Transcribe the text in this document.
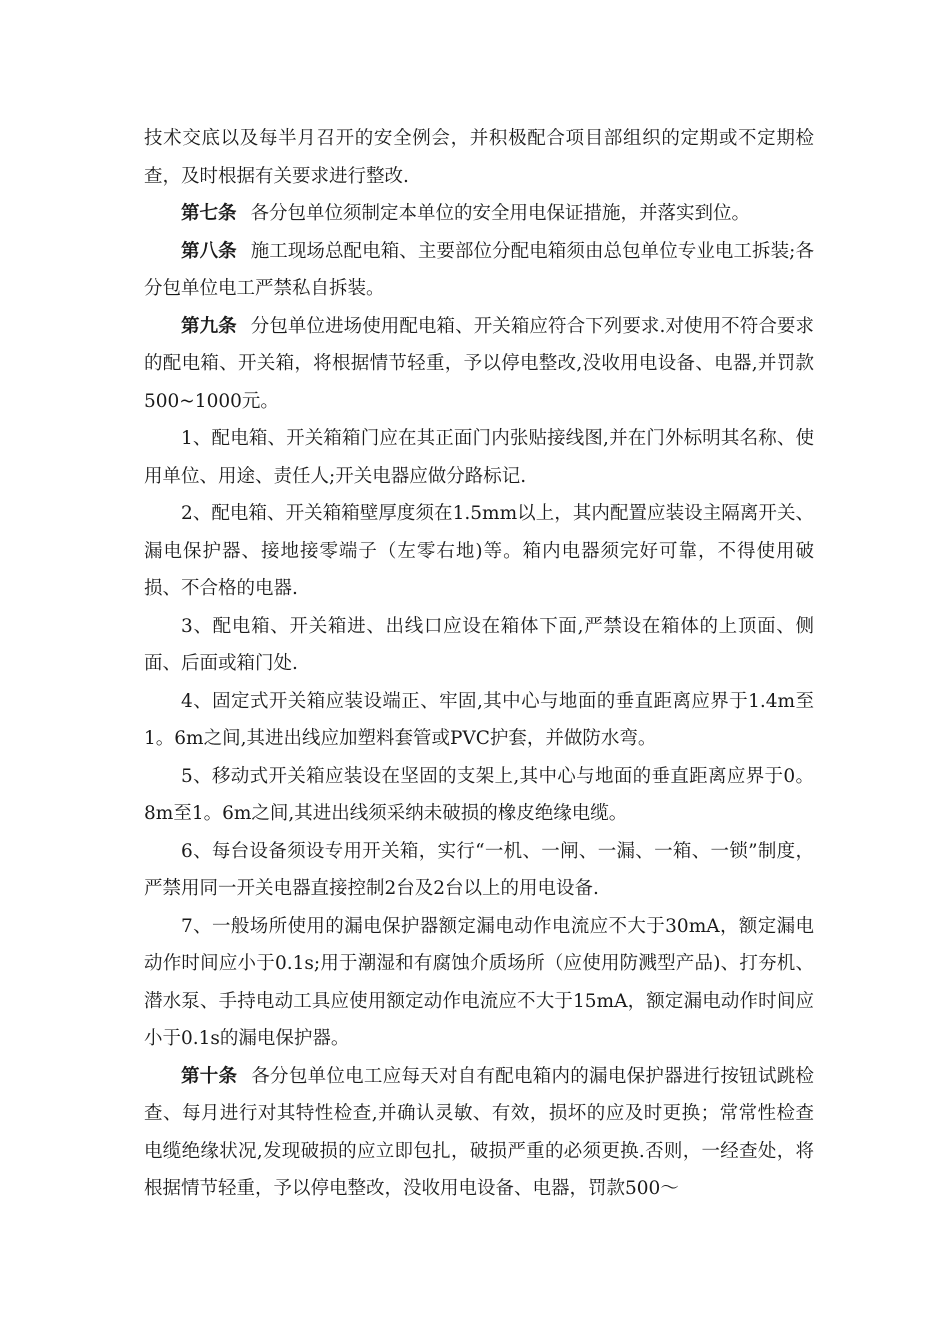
技术交底以及每半月召开的安全例会，并积极配合项目部组织的定期或不定期检查，及时根据有关要求进行整改.

第七条 各分包单位须制定本单位的安全用电保证措施，并落实到位。

第八条 施工现场总配电箱、主要部位分配电箱须由总包单位专业电工拆装;各分包单位电工严禁私自拆装。

第九条 分包单位进场使用配电箱、开关箱应符合下列要求.对使用不符合要求的配电箱、开关箱，将根据情节轻重，予以停电整改,没收用电设备、电器,并罚款500~1000元。

1、配电箱、开关箱箱门应在其正面门内张贴接线图,并在门外标明其名称、使用单位、用途、责任人;开关电器应做分路标记.

2、配电箱、开关箱箱壁厚度须在1.5mm以上，其内配置应装设主隔离开关、漏电保护器、接地接零端子（左零右地)等。箱内电器须完好可靠，不得使用破损、不合格的电器.

3、配电箱、开关箱进、出线口应设在箱体下面,严禁设在箱体的上顶面、侧面、后面或箱门处.

4、固定式开关箱应装设端正、牢固,其中心与地面的垂直距离应界于1.4m至1。6m之间,其进出线应加塑料套管或PVC护套，并做防水弯。

5、移动式开关箱应装设在坚固的支架上,其中心与地面的垂直距离应界于0。8m至1。6m之间,其进出线须采纳未破损的橡皮绝缘电缆。

6、每台设备须设专用开关箱，实行“一机、一闸、一漏、一箱、一锁”制度，严禁用同一开关电器直接控制2台及2台以上的用电设备.

7、一般场所使用的漏电保护器额定漏电动作电流应不大于30mA，额定漏电动作时间应小于0.1s;用于潮湿和有腐蚀介质场所（应使用防溅型产品)、打夯机、潜水泵、手持电动工具应使用额定动作电流应不大于15mA，额定漏电动作时间应小于0.1s的漏电保护器。

第十条 各分包单位电工应每天对自有配电箱内的漏电保护器进行按钮试跳检查、每月进行对其特性检查,并确认灵敏、有效，损坏的应及时更换；常常性检查电缆绝缘状况,发现破损的应立即包扎，破损严重的必须更换.否则，一经查处，将根据情节轻重，予以停电整改，没收用电设备、电器，罚款500～
